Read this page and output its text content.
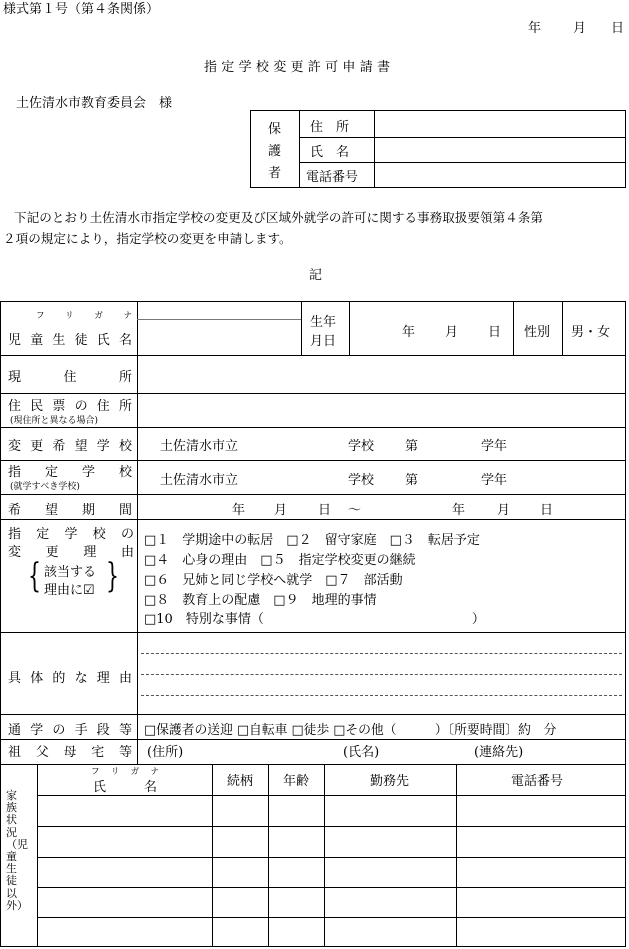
様式第１号（第４条関係）
年 月 日
指定学校変更許可申請書
土佐清水市教育委員会　様
保
護
者
住　所
氏　名
電話番号
下記のとおり土佐清水市指定学校の変更及び区域外就学の許可に関する事務取扱要領第４条第
２項の規定により，指定学校の変更を申請します。
記
フ リ ガ ナ
児 童 生 徒 氏 名
生年
月日
年 月 日 性別 男・女
現	住	所
住 民 票 の 住 所
(現住所と異なる場合)
変 更 希 望 学 校 土佐清水市立	学校 第	学年
指 定 学 校
(就学すべき学校)	土佐清水市立	学校 第	学年
希 望 期 間	年 月 日 ～	年 月 日
指 定 学 校 の
変 更 理 由
{ }
該当する
理由に☑
□１　学期途中の転居　□２　留守家庭　□３　転居予定
□４　心身の理由　□５　指定学校変更の継続
□６　兄姉と同じ学校へ就学　□７　部活動
□８　教育上の配慮　□９　地理的事情
□10　特別な事情（　　　　　　　　　　　　　　　　）
具 体 的 な 理 由
通 学 の 手 段 等 □保護者の送迎 □自転車 □徒歩 □その他（　　　）〔所要時間〕約　分
祖 父 母 宅 等 (住所)	(氏名)	(連絡先)
家族状況（児童生徒以外）
フ リ ガ ナ
氏	名	続柄 年齢	勤務先	電話番号
